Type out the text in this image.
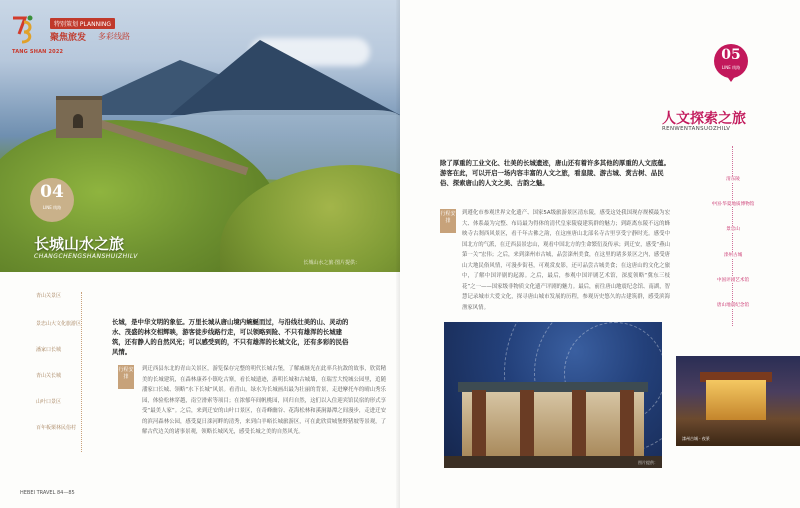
长城山水之旅·图片提供：
TANG SHAN 2022
特别策划 PLANNING
聚焦旅发 多彩线路
04
LINE 线路
长城山水之旅
CHANGCHENGSHANSHUIZHILV
青山关景区
景忠山大文化旅游区
潘家口长城
青山关长城
山叶口景区
百年板栗林民俗村
长城，是中华文明的象征。万里长城从唐山境内蜿蜒而过，与沿线壮美的山、灵动的水、茂盛的林交相辉映，游客徒步线路行走，可以领略到险、不只有雄浑的长城建筑，还有静人的自然风光；可以感受到的，不只有雄浑的长城文化，还有多彩的民俗风情。
行程安排
到迁西县东北的青山关景区，游览保存完整的明代长城古堡，了解戚继光在此率兵抗敌的故事，欣赏精美的长城建筑，在森林康养小镇吃古寨，看长城遗迹，游明长城和古城墙，在瑞雪大悦城公园里，追随潘家口长城、领略“水下长城”风景。看青山，绿水为长城画出最为壮丽的背景，走进摩托车的晴山秀乐园，体验松林穿越，南空滑索等项目；在浓郁年间帆桃园，回归自然，这们以入住迎宾馆民宿的形式享受“最美人家”。之后，来到迁安的山叶口景区，在奇峰幽谷、花海松林和溪涧瀑潭之间漫步，走进迁安的滨河森林公园，感受夏日滦河畔的清秀，来到白羊峪长城旅游区，可在此欣赏城堡野猪坡等景观，了解古代边关的诸事景观，领略长城风光，感受长城之美的自然风光。
HEBEI TRAVEL 84—85
05
LINE 线路
人文探索之旅
RENWENTANSUOZHILV
清东陵
中国·华夏地质博物馆
景忠山
滦州古城
中国评剧艺术馆
唐山地震纪念馆
除了厚重的工业文化、壮美的长城遗迹，唐山还有着许多其他的厚重的人文底蕴。游客在此，可以开启一场内容丰富的人文之旅，看皇陵、游古城、赏古树、品民俗、探索唐山的人文之美、古韵之魅。
行程安排
到遵化市参观世界文化遗产、国家5A级旅游景区清东陵，感受这处我国现存规模最为宏大、体系最为完整、布局最为得体的清代皇家陵寝建筑群的魅力；到距离东陵不远的蜂映寺古刹西风景区，看千年古佛之韵，在这座唐山北部名寺古里享受宁静时光。感受中国北方的气派，在迁西县景忠山，观看中国北方的生命繁衍及传承；到迁安，感受“燕山第一关”宏伟；之后，来到滦州市古城，品尝滦州美食，在这里的诸多景区之内，感受唐山大地民俗风情，可漫步街巷，可观赏皮影，还可品尝古城美食；在这唐山的文化之旅中，了解中国评剧的起源。之后，最后，参观中国评剧艺术馆，深度领略“冀东三枝花”之一——国家级非物质文化遗产评剧的魅力。最后，前往唐山地震纪念馆、南湖，智慧记录城市大爱文化，探寻唐山城市发展的历程，参观历史悠久的古建筑群，感受滨海渔家风情。
图片提供：
滦州古城 · 夜景
